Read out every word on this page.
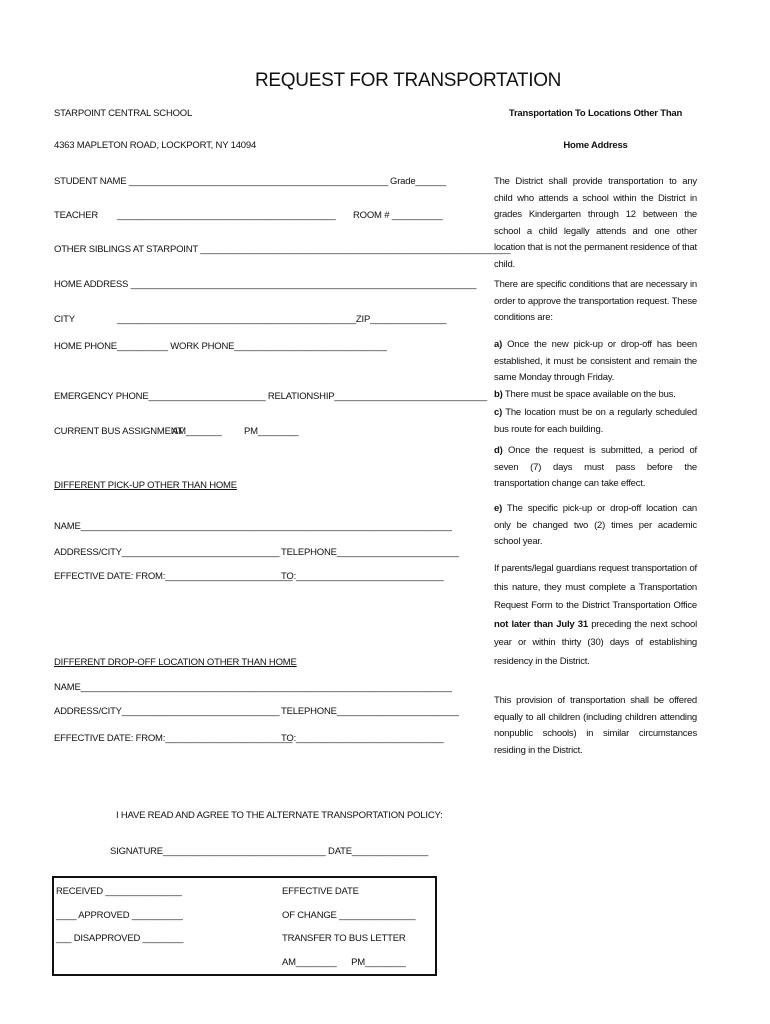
REQUEST FOR TRANSPORTATION
STARPOINT CENTRAL SCHOOL
4363 MAPLETON ROAD, LOCKPORT, NY 14094
STUDENT NAME ___________________________________________________ Grade______
TEACHER ___________________________________________ ROOM # __________
OTHER SIBLINGS AT STARPOINT _____________________________________________________________
HOME ADDRESS ____________________________________________________________________
CITY	_______________________________________________ZIP_______________
HOME PHONE __________ WORK PHONE______________________________
EMERGENCY PHONE_______________________ RELATIONSHIP______________________________
CURRENT BUS ASSIGNMENT
AM_______ PM________
DIFFERENT PICK-UP OTHER THAN HOME
NAME_________________________________________________________________________
ADDRESS/CITY_______________________________ TELEPHONE________________________
EFFECTIVE DATE: FROM:_________________________
TO:_____________________________
DIFFERENT DROP-OFF LOCATION OTHER THAN HOME
NAME_________________________________________________________________________
ADDRESS/CITY_______________________________ TELEPHONE________________________
EFFECTIVE DATE: FROM:_________________________
TO:_____________________________
I HAVE READ AND AGREE TO THE ALTERNATE TRANSPORTATION POLICY:
SIGNATURE________________________________ DATE_______________
RECEIVED _______________
____ APPROVED __________
___ DISAPPROVED ________
EFFECTIVE DATE
OF CHANGE _______________
TRANSFER TO BUS LETTER
AM________      PM________
Transportation To Locations Other Than
Home Address
The District shall provide transportation to any child who attends a school within the District in grades Kindergarten through 12 between the school a child legally attends and one other location that is not the permanent residence of that child.
There are specific conditions that are necessary in order to approve the transportation request. These conditions are:
a) Once the new pick-up or drop-off has been established, it must be consistent and remain the same Monday through Friday.
b) There must be space available on the bus.
c) The location must be on a regularly scheduled bus route for each building.
d) Once the request is submitted, a period of seven (7) days must pass before the transportation change can take effect.
e) The specific pick-up or drop-off location can only be changed two (2) times per academic school year.
If parents/legal guardians request transportation of this nature, they must complete a Transportation Request Form to the District Transportation Office not later than July 31 preceding the next school year or within thirty (30) days of establishing residency in the District.
This provision of transportation shall be offered equally to all children (including children attending nonpublic schools) in similar circumstances residing in the District.
